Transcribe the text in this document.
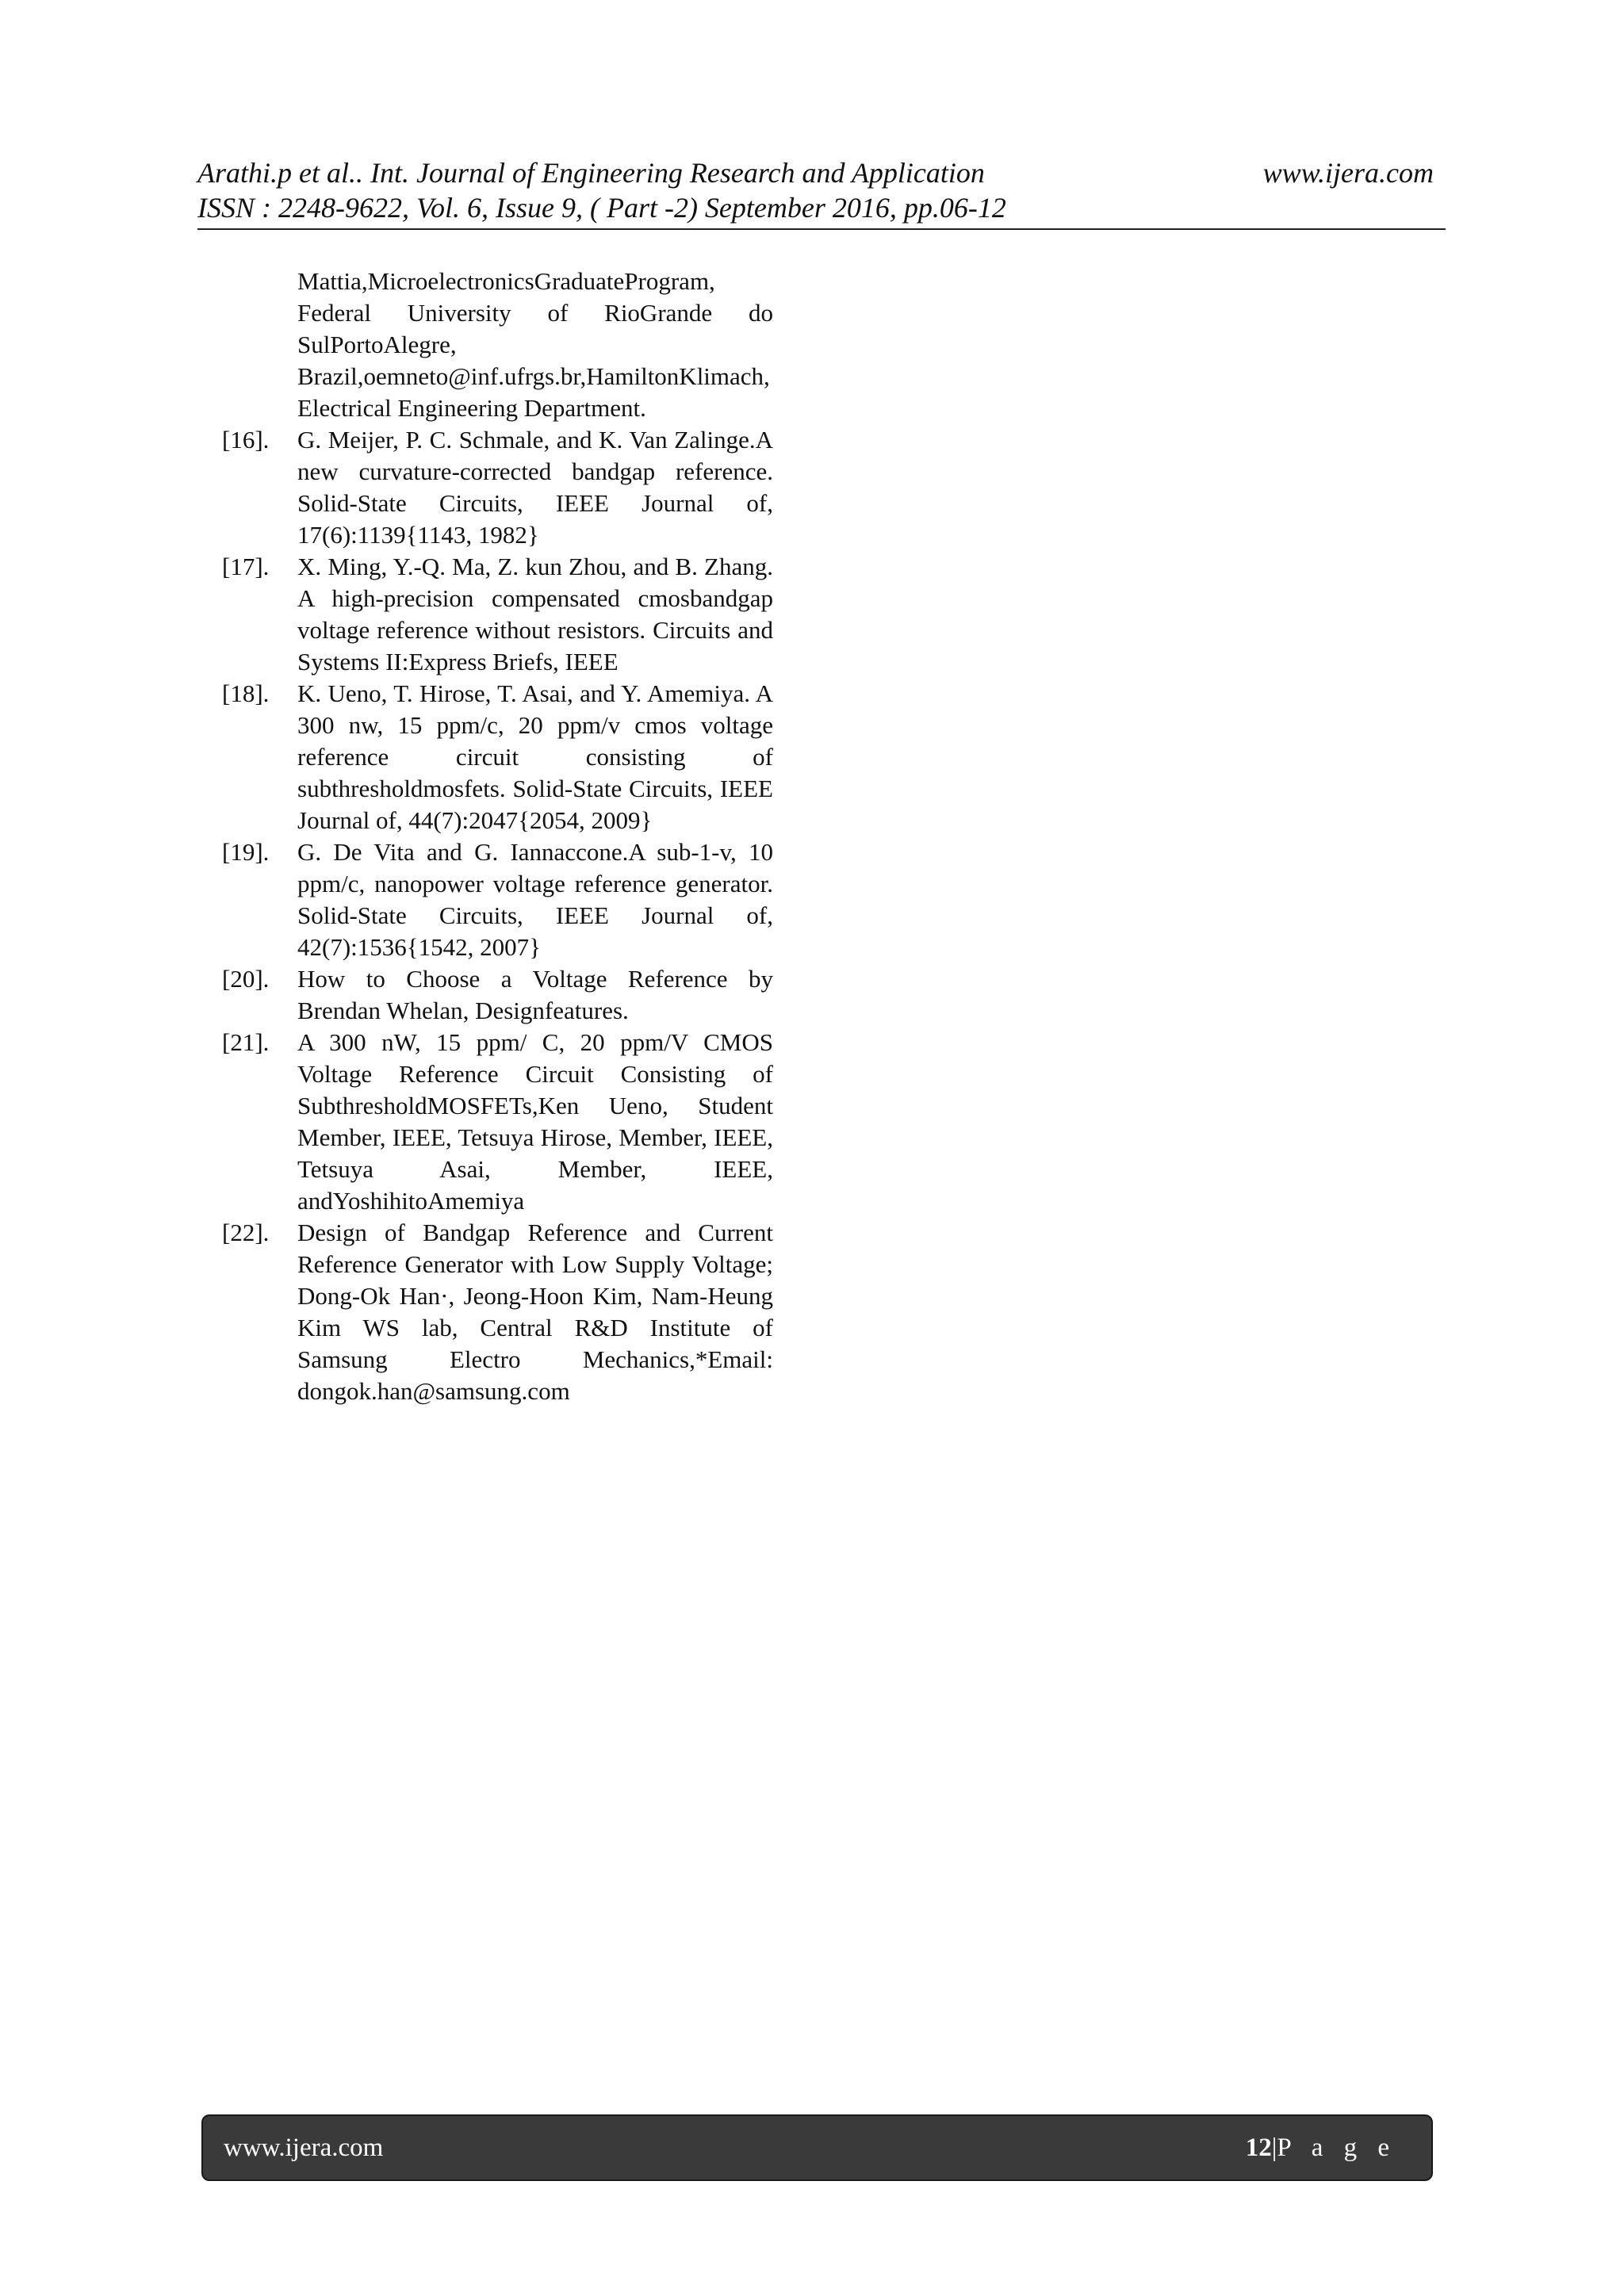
Arathi.p et al.. Int. Journal of Engineering Research and Application
ISSN : 2248-9622, Vol. 6, Issue 9, ( Part -2) September 2016, pp.06-12
www.ijera.com
Mattia,MicroelectronicsGraduateProgram, Federal University of RioGrande do SulPortoAlegre, Brazil,oemneto@inf.ufrgs.br,HamiltonKlimach,Electrical Engineering Department.
[16].	G. Meijer, P. C. Schmale, and K. Van Zalinge.A new curvature-corrected bandgap reference. Solid-State Circuits, IEEE Journal of, 17(6):1139{1143, 1982}
[17].	X. Ming, Y.-Q. Ma, Z. kun Zhou, and B. Zhang. A high-precision compensated cmosbandgap voltage reference without resistors. Circuits and Systems II:Express Briefs, IEEE
[18].	K. Ueno, T. Hirose, T. Asai, and Y. Amemiya. A 300 nw, 15 ppm/c, 20 ppm/v cmos voltage reference circuit consisting of subthresholdmosfets. Solid-State Circuits, IEEE Journal of, 44(7):2047{2054, 2009}
[19].	G. De Vita and G. Iannaccone.A sub-1-v, 10 ppm/c, nanopower voltage reference generator. Solid-State Circuits, IEEE Journal of, 42(7):1536{1542, 2007}
[20].	How to Choose a Voltage Reference by Brendan Whelan, Designfeatures.
[21].	A 300 nW, 15 ppm/ C, 20 ppm/V CMOS Voltage Reference Circuit Consisting of SubthresholdMOSFETs,Ken Ueno, Student Member, IEEE, Tetsuya Hirose, Member, IEEE, Tetsuya Asai, Member, IEEE, andYoshihitoAmemiya
[22].	Design of Bandgap Reference and Current Reference Generator with Low Supply Voltage; Dong-Ok Han·, Jeong-Hoon Kim, Nam-Heung Kim WS lab, Central R&D Institute of Samsung Electro Mechanics,*Email: dongok.han@samsung.com
www.ijera.com	12|P a g e
